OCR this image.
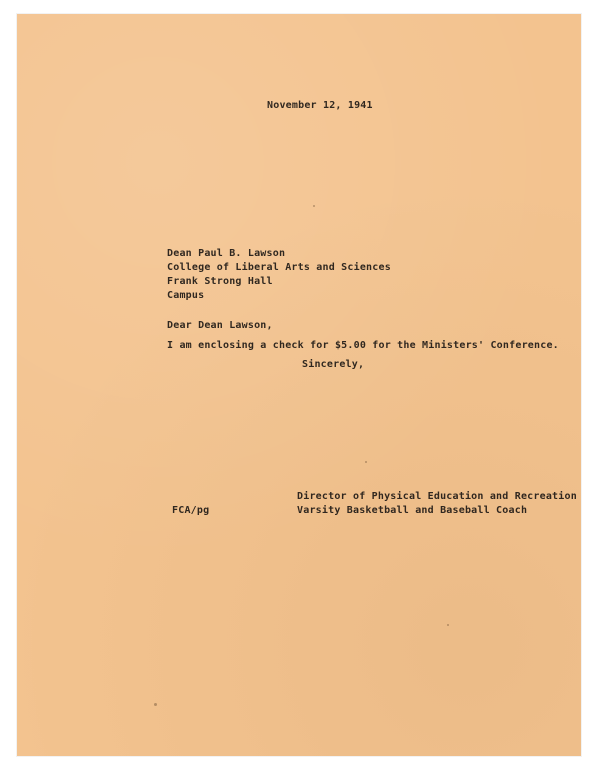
November 12, 1941
Dean Paul B. Lawson
College of Liberal Arts and Sciences
Frank Strong Hall
Campus
Dear Dean Lawson,
I am enclosing a check for $5.00 for the Ministers' Conference.
Sincerely,
FCA/pg
Director of Physical Education and Recreation
Varsity Basketball and Baseball Coach
